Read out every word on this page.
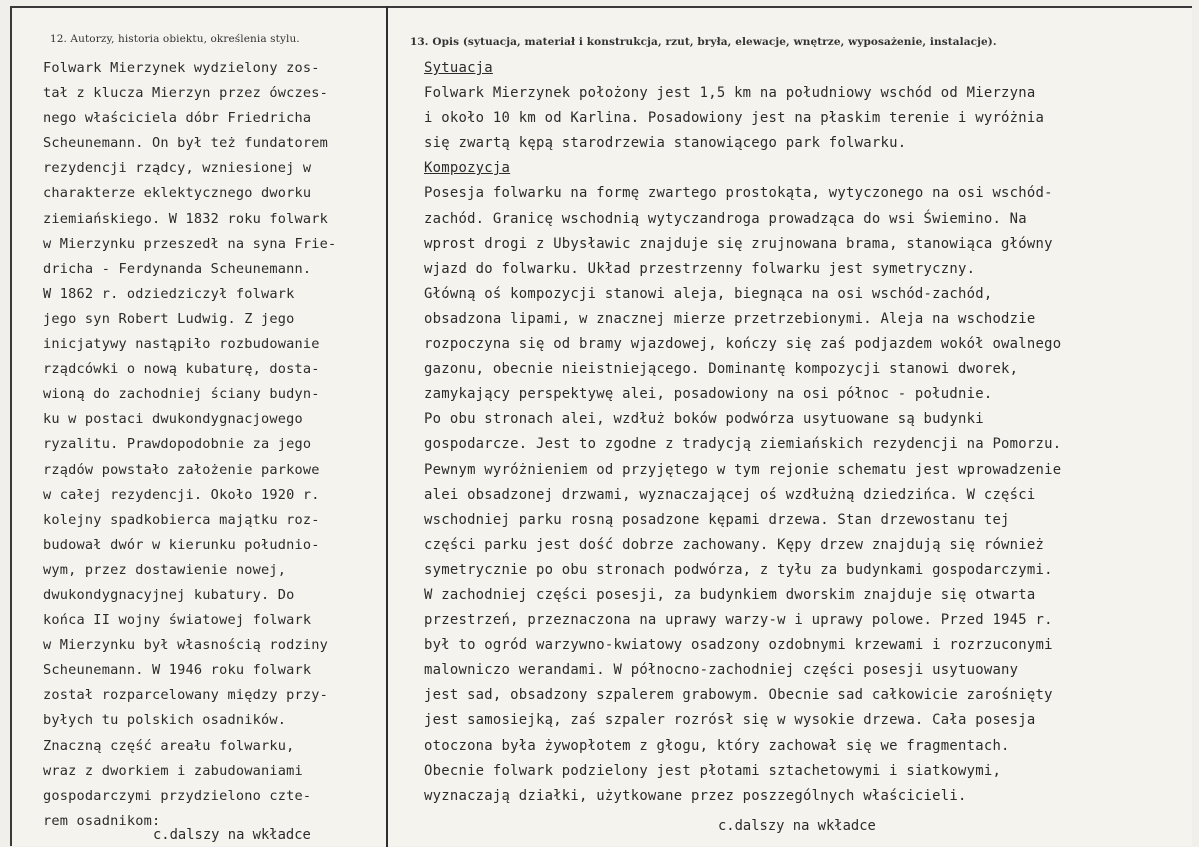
12. Autorzy, historia obiektu, określenia stylu.	13. Opis (sytuacja, materiał i konstrukcja, rzut, bryła, elewacje, wnętrze, wyposażenie, instalacje).
Folwark Mierzynek wydzielony zos-
tał z klucza Mierzyn przez ówczes-
nego właściciela dóbr Friedricha
Scheunemann. On był też fundatorem
rezydencji rządcy, wzniesionej w
charakterze eklektycznego dworku
ziemiańskiego. W 1832 roku folwark
w Mierzynku przeszedł na syna Frie-
dricha - Ferdynanda Scheunemann.
W 1862 r. odziedziczył folwark
jego syn Robert Ludwig. Z jego
inicjatywy nastąpiło rozbudowanie
rządcówki o nową kubaturę, dosta-
wioną do zachodniej ściany budyn-
ku w postaci dwukondygnacjowego
ryzalitu. Prawdopodobnie za jego
rządów powstało założenie parkowe
w całej rezydencji. Około 1920 r.
kolejny spadkobierca majątku roz-
budował dwór w kierunku południo-
wym, przez dostawienie nowej,
dwukondygnacyjnej kubatury. Do
końca II wojny światowej folwark
w Mierzynku był własnością rodziny
Scheunemann. W 1946 roku folwark
został rozparcelowany między przy-
byłych tu polskich osadników.
Znaczną część areału folwarku,
wraz z dworkiem i zabudowaniami
gospodarczymi przydzielono czte-
rem osadnikom:
Sytuacja
Folwark Mierzynek położony jest 1,5 km na południowy wschód od Mierzyna
i około 10 km od Karlina. Posadowiony jest na płaskim terenie i wyróżnia
się zwartą kępą starodrzewia stanowiącego park folwarku.
Kompozycja
Posesja folwarku na formę zwartego prostokąta, wytyczonego na osi wschód-
zachód. Granicę wschodnią wytyczandroga prowadząca do wsi Świemino. Na
wprost drogi z Ubysławic znajduje się zrujnowana brama, stanowiąca główny
wjazd do folwarku. Układ przestrzenny folwarku jest symetryczny.
Główną oś kompozycji stanowi aleja, biegnąca na osi wschód-zachód,
obsadzona lipami, w znacznej mierze przetrzebionymi. Aleja na wschodzie
rozpoczyna się od bramy wjazdowej, kończy się zaś podjazdem wokół owalnego
gazonu, obecnie nieistniejącego. Dominantę kompozycji stanowi dworek,
zamykający perspektywę alei, posadowiony na osi północ - południe.
Po obu stronach alei, wzdłuż boków podwórza usytuowane są budynki
gospodarcze. Jest to zgodne z tradycją ziemiańskich rezydencji na Pomorzu.
Pewnym wyróżnieniem od przyjętego w tym rejonie schematu jest wprowadzenie
alei obsadzonej drzwami, wyznaczającej oś wzdłużną dziedzińca. W części
wschodniej parku rosną posadzone kępami drzewa. Stan drzewostanu tej
części parku jest dość dobrze zachowany. Kępy drzew znajdują się również
symetrycznie po obu stronach podwórza, z tyłu za budynkami gospodarczymi.
W zachodniej części posesji, za budynkiem dworskim znajduje się otwarta
przestrzeń, przeznaczona na uprawy warzy-w i uprawy polowe. Przed 1945 r.
był to ogród warzywno-kwiatowy osadzony ozdobnymi krzewami i rozrzuconymi
malowniczo werandami. W północno-zachodniej części posesji usytuowany
jest sad, obsadzony szpalerem grabowym. Obecnie sad całkowicie zarośnięty
jest samosiejką, zaś szpaler rozrósł się w wysokie drzewa. Cała posesja
otoczona była żywopłotem z głogu, który zachował się we fragmentach.
Obecnie folwark podzielony jest płotami sztachetowymi i siatkowymi,
wyznaczają działki, użytkowane przez poszzególnych właścicieli.
c.dalszy na wkładce
c.dalszy na wkładce
